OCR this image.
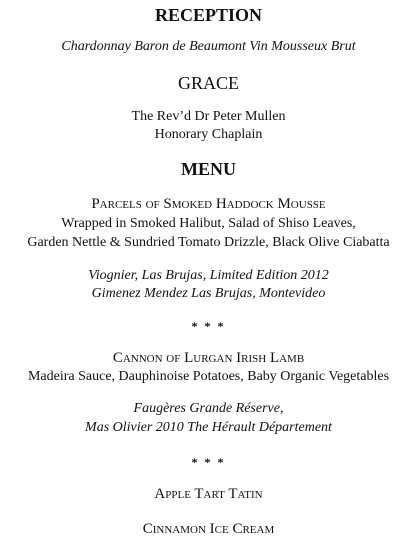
RECEPTION
Chardonnay Baron de Beaumont Vin Mousseux Brut
GRACE
The Rev’d Dr Peter Mullen
Honorary Chaplain
MENU
Parcels of Smoked Haddock Mousse
Wrapped in Smoked Halibut, Salad of Shiso Leaves,
Garden Nettle & Sundried Tomato Drizzle, Black Olive Ciabatta
Viognier, Las Brujas, Limited Edition 2012
Gimenez Mendez Las Brujas, Montevideo
* * *
Cannon of Lurgan Irish Lamb
Madeira Sauce, Dauphinoise Potatoes, Baby Organic Vegetables
Faugères Grande Réserve,
Mas Olivier 2010 The Hérault Département
* * *
Apple Tart Tatin
Cinnamon Ice Cream
